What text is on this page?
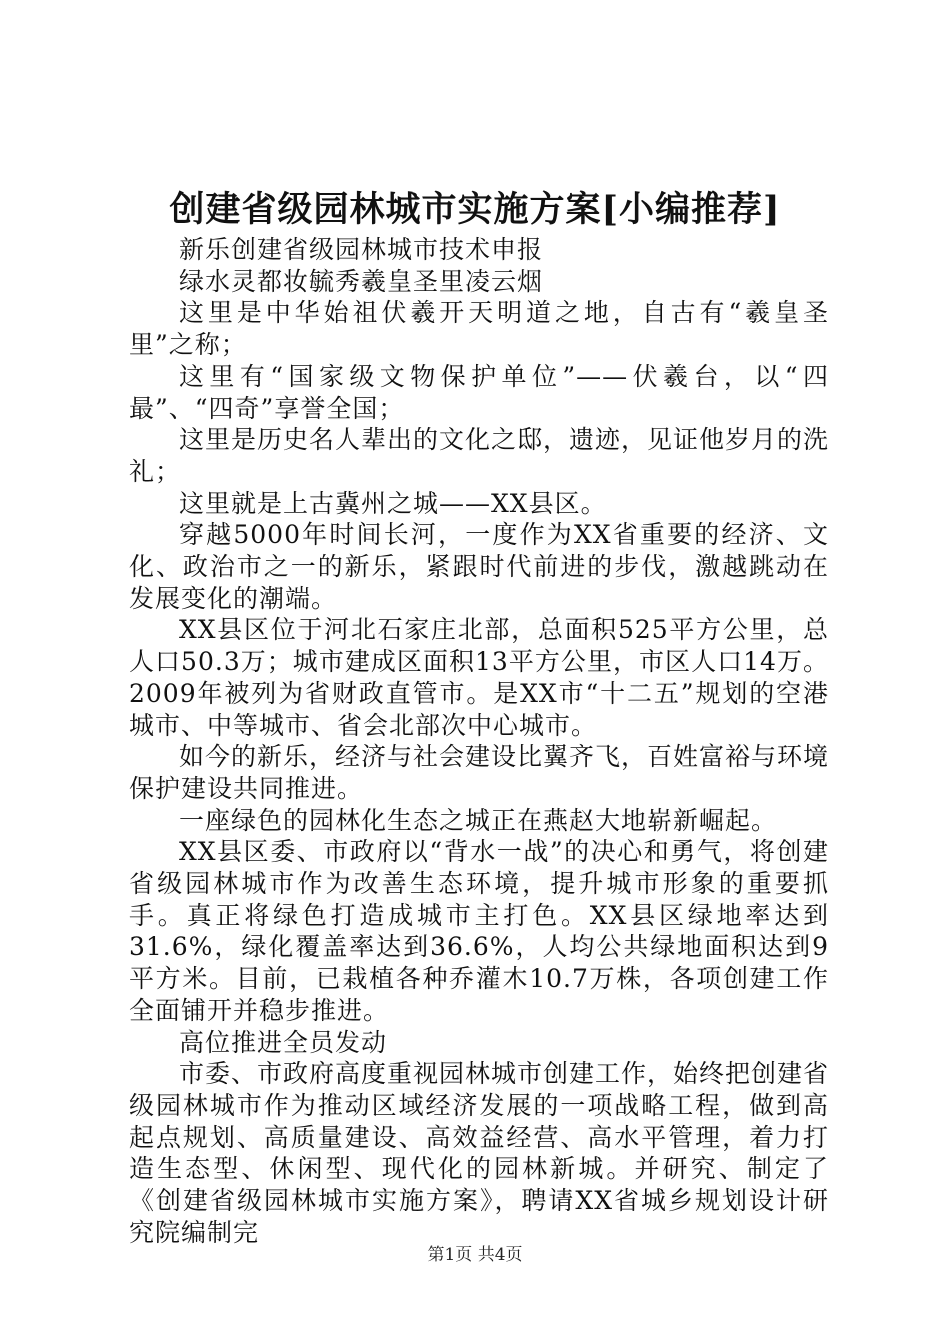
创建省级园林城市实施方案[小编推荐]

新乐创建省级园林城市技术申报

绿水灵都妆毓秀羲皇圣里凌云烟

这里是中华始祖伏羲开天明道之地，自古有“羲皇圣里”之称；

这里有“国家级文物保护单位”——伏羲台，以“四最”、“四奇”享誉全国；

这里是历史名人辈出的文化之邸，遗迹，见证他岁月的洗礼；

这里就是上古冀州之城——XX县区。

穿越5000年时间长河，一度作为XX省重要的经济、文化、政治市之一的新乐，紧跟时代前进的步伐，激越跳动在发展变化的潮端。

XX县区位于河北石家庄北部，总面积525平方公里，总人口50.3万；城市建成区面积13平方公里，市区人口14万。2009年被列为省财政直管市。是XX市“十二五”规划的空港城市、中等城市、省会北部次中心城市。

如今的新乐，经济与社会建设比翼齐飞，百姓富裕与环境保护建设共同推进。

一座绿色的园林化生态之城正在燕赵大地崭新崛起。

XX县区委、市政府以“背水一战”的决心和勇气，将创建省级园林城市作为改善生态环境，提升城市形象的重要抓手。真正将绿色打造成城市主打色。XX县区绿地率达到31.6%，绿化覆盖率达到36.6%，人均公共绿地面积达到9平方米。目前，已栽植各种乔灌木10.7万株，各项创建工作全面铺开并稳步推进。

高位推进全员发动

市委、市政府高度重视园林城市创建工作，始终把创建省级园林城市作为推动区域经济发展的一项战略工程，做到高起点规划、高质量建设、高效益经营、高水平管理，着力打造生态型、休闲型、现代化的园林新城。并研究、制定了《创建省级园林城市实施方案》，聘请XX省城乡规划设计研究院编制完

第1页 共4页
